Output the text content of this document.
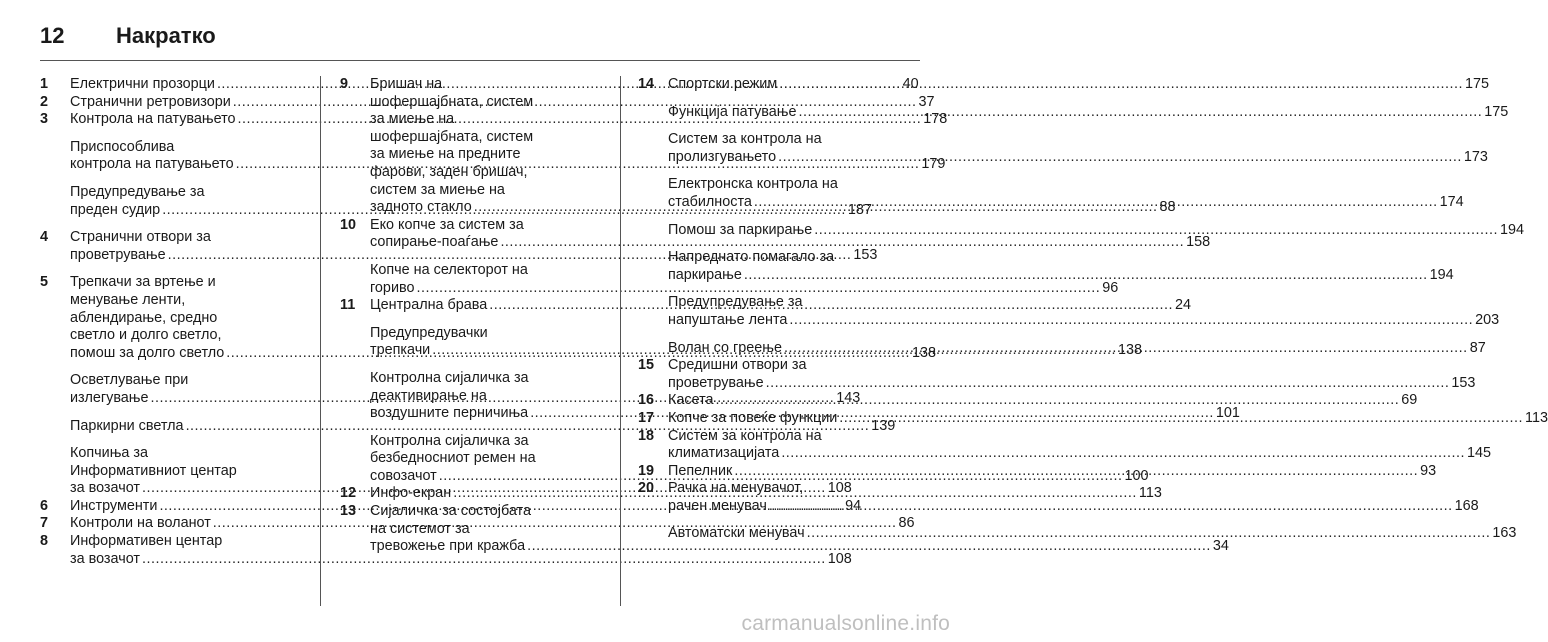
12	Накратко
1	Електрични прозорци .....	40
2	Странични ретровизори .....	37
3	Контрола на патувањето .....	178
Приспособлива
контрола на патувањето .....	179
Предупредување за
преден судир .....	187
4	Странични отвори за
проветрување .....	153
5	Трепкачи за вртење и
менување ленти,
аблендирање, средно
светло и долго светло,
помош за долго светло .....	138
Осветлување при
излегување .....	143
Паркирни светла .....	139
Копчиња за
Информативниот центар
за возачот .....	108
6	Инструменти .....	94
7	Контроли на воланот .....	86
8	Информативен центар
за возачот .....	108
9	Бришач на
шофершајбната, систем
за миење на
шофершајбната, систем
за миење на предните
фарови, заден бришач,
систем за миење на
задното стакло .....	88
10 Еко копче за систем за
сопирање-поаѓање .....	158
Копче на селекторот на
гориво .....	96
11	Централна брава .....	24
Предупредувачки
трепкачи .....	138
Контролна сијаличка за
деактивирање на
воздушните перничиња .....	101
Контролна сијаличка за
безбедносниот ремен на
совозачот .....	100
12 Инфо-екран .....	113
13 Сијаличка за состојбата
на системот за
тревожење при кражба .....	34
14 Спортски режим .....	175
Функција патување .....	175
Систем за контрола на
пролизгувањето .....	173
Електронска контрола на
стабилноста .....	174
Помош за паркирање .....	194
Напреднато помагало за
паркирање .....	194
Предупредување за
напуштање лента .....	203
Волан со греење .....	87
15 Средишни отвори за
проветрување .....	153
16 Касета .....	69
17 Копче за повеќе функции .....	113
18 Систем за контрола на
климатизацијата .....	145
19 Пепелник .....	93
20 Рачка на менувачот,
рачен менувач .....	168
Автоматски менувач .....	163
carmanualsonline.info
